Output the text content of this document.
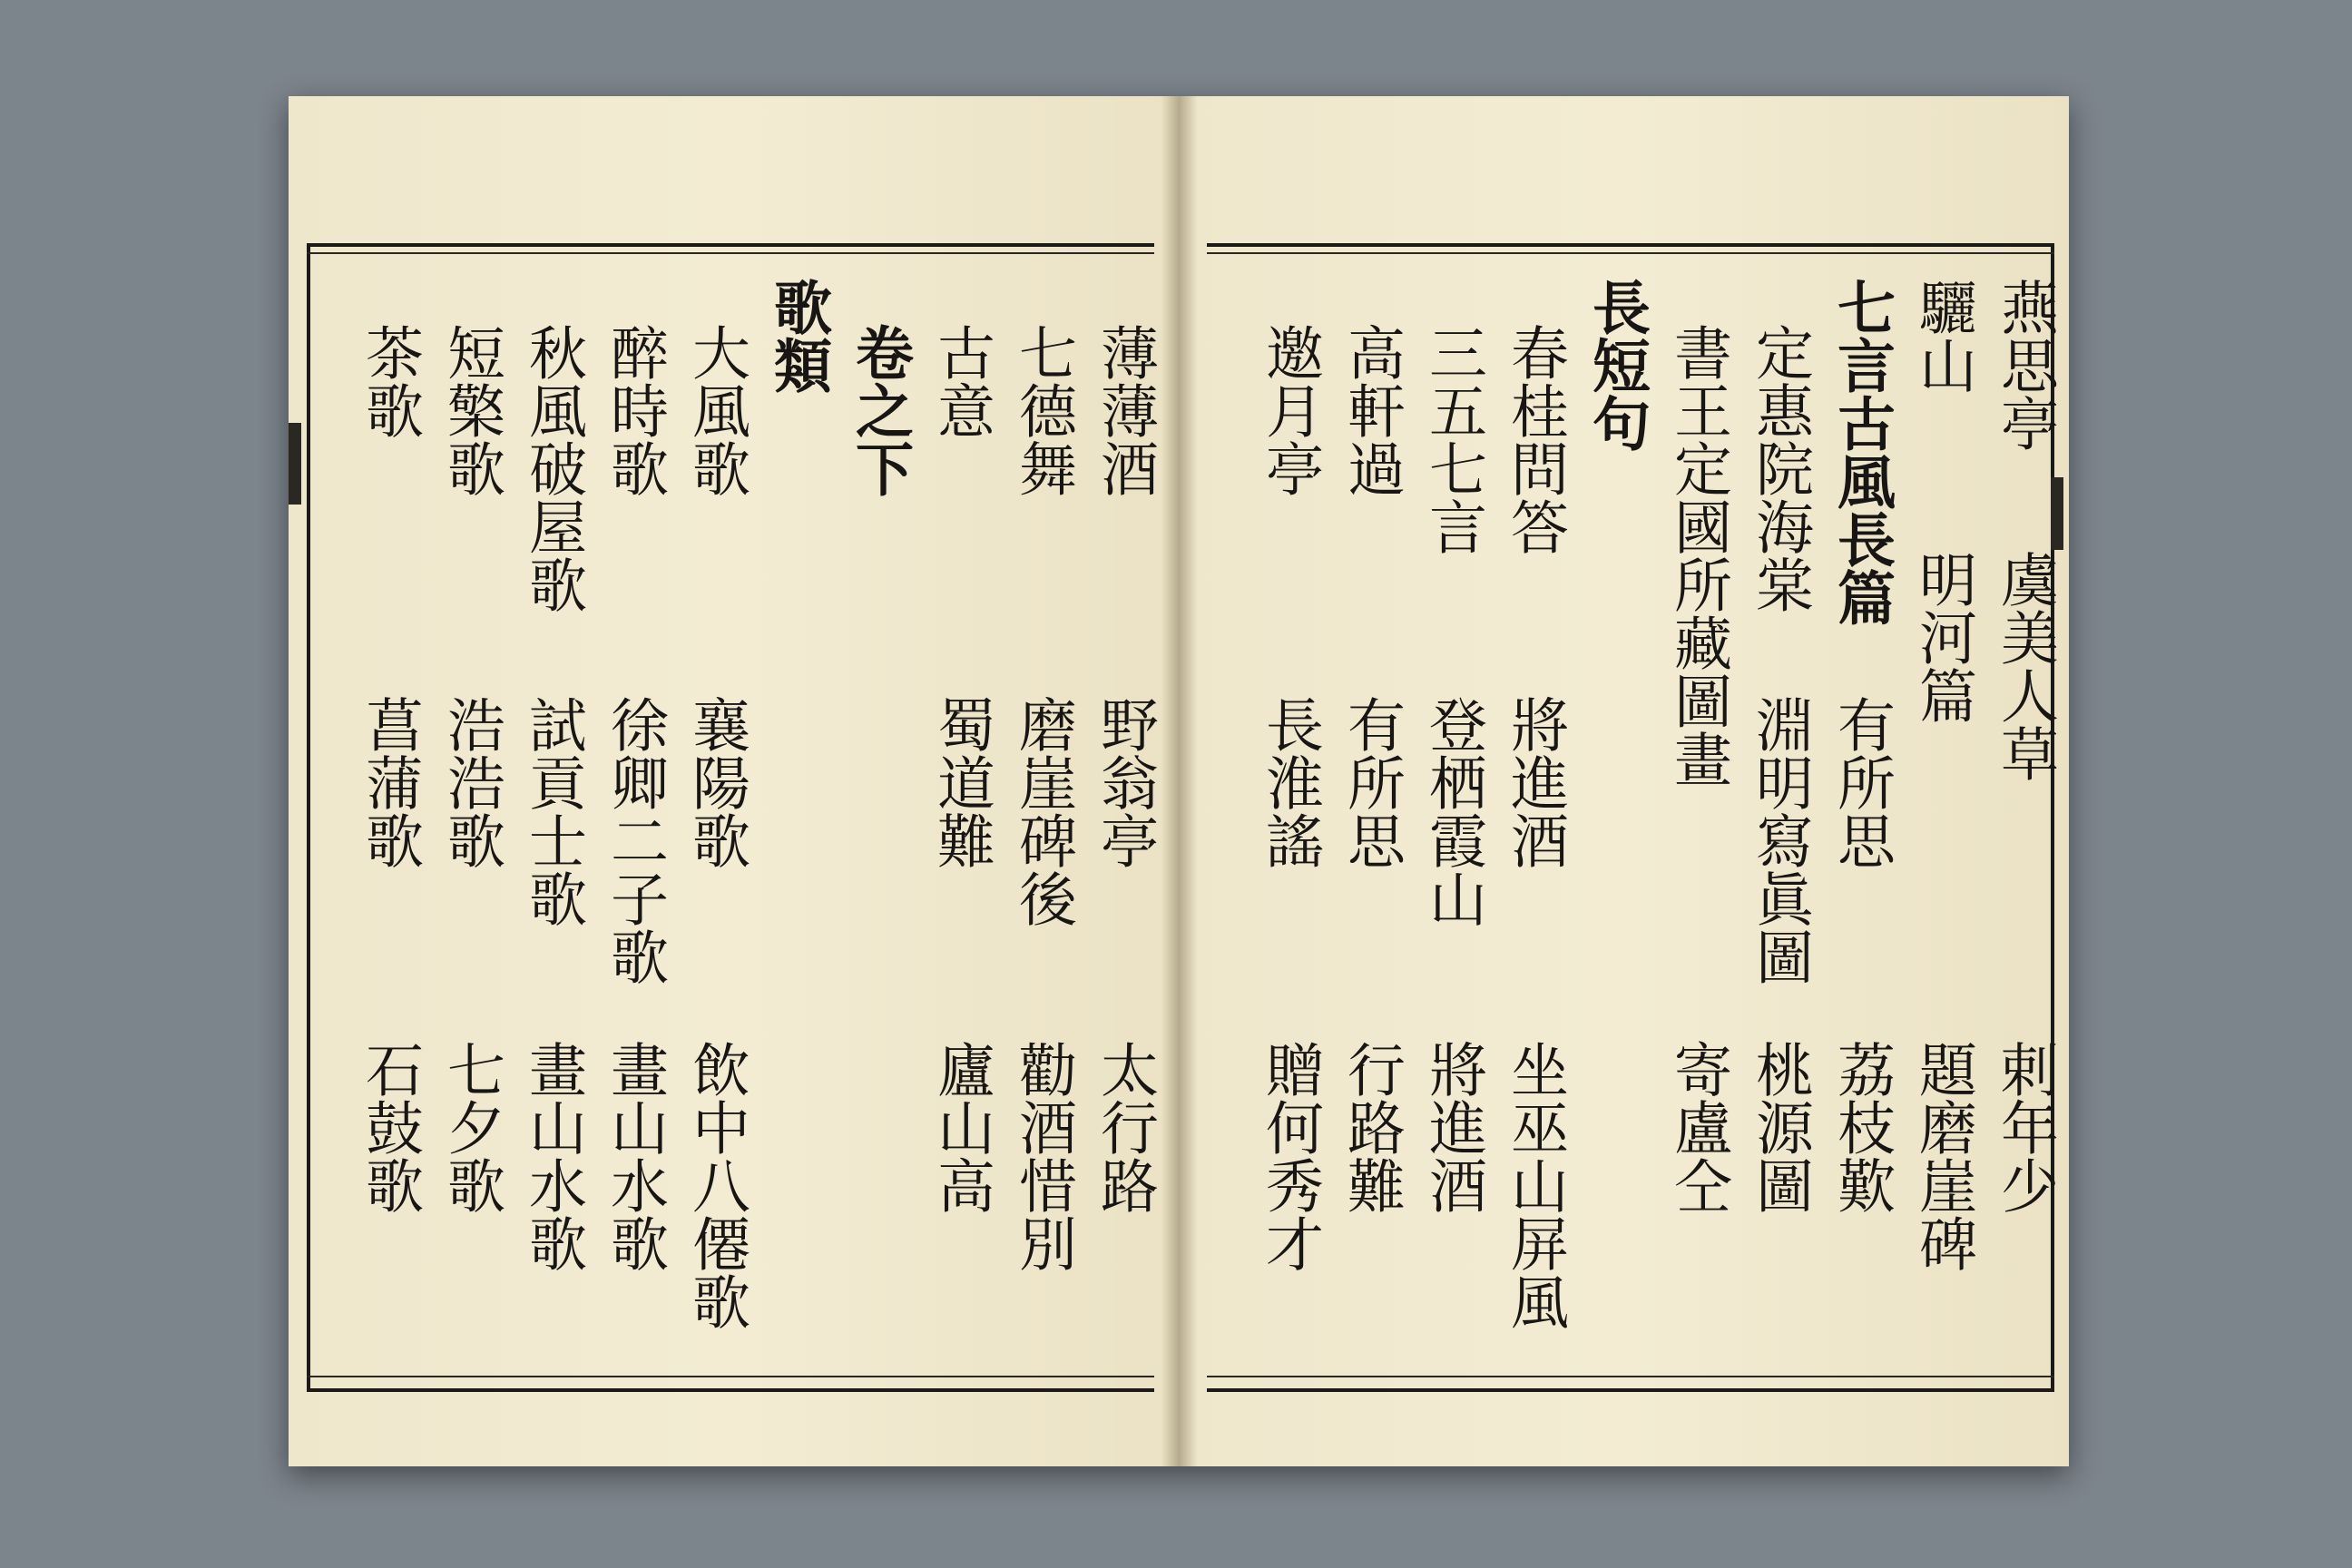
燕思亭
虞美人草
剌年少
驪山
明河篇
題磨崖碑
七言古風長篇
有所思
荔枝歎
定惠院海棠
淵明寫眞圖
桃源圖
書王定國所藏圖畫
寄盧仝
長短句
春桂問答
將進酒
坐巫山屏風
三五七言
登栖霞山
將進酒
高軒過
有所思
行路難
邀月亭
長淮謠
贈何秀才
薄薄酒
野翁亭
太行路
七德舞
磨崖碑後
勸酒惜別
古意
蜀道難
廬山高
卷之下
歌類
大風歌
襄陽歌
飲中八僊歌
醉時歌
徐卿二子歌
畫山水歌
秋風破屋歌
試貢士歌
畫山水歌
短檠歌
浩浩歌
七夕歌
茶歌
菖蒲歌
石鼓歌
